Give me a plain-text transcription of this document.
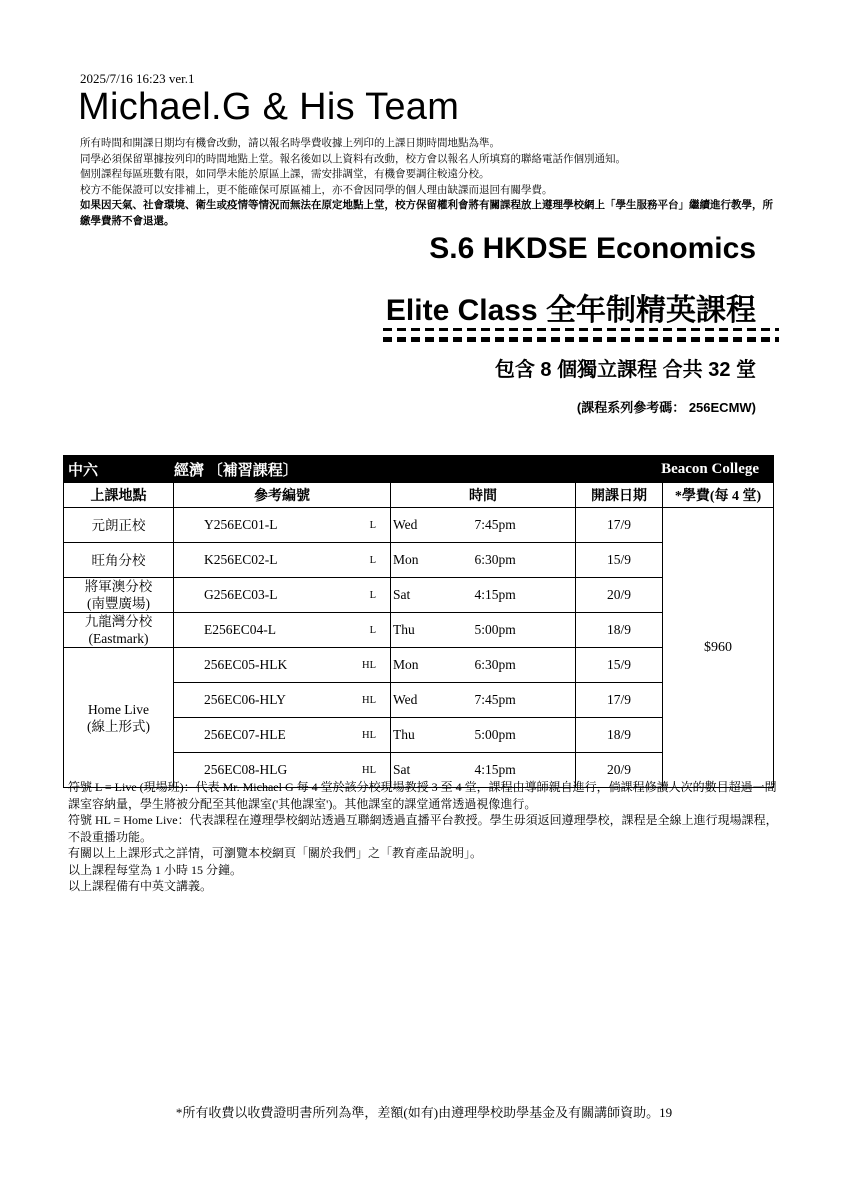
2025/7/16 16:23 ver.1
Michael.G & His Team
所有時間和開課日期均有機會改動，請以報名時學費收據上列印的上課日期時間地點為準。
同學必須保留單據按列印的時間地點上堂。報名後如以上資料有改動，校方會以報名人所填寫的聯絡電話作個別通知。
個別課程每區班數有限，如同學未能於原區上課，需安排調堂，有機會要調往較遠分校。
校方不能保證可以安排補上，更不能確保可原區補上，亦不會因同學的個人理由缺課而退回有關學費。
如果因天氣、社會環境、衛生或疫情等情況而無法在原定地點上堂，校方保留權利會將有關課程放上遵理學校網上「學生服務平台」繼續進行教學，所繳學費將不會退還。
S.6 HKDSE Economics
Elite Class 全年制精英課程
包含 8 個獨立課程 合共 32 堂
(課程系列參考碼： 256ECMW)
中六	經濟 〔補習課程〕				Beacon College	
上課地點	參考編號		時間		開課日期	*學費(每 4 堂)
元朗正校	Y256EC01-L	L	Wed	7:45pm	17/9	$960
旺角分校	K256EC02-L	L	Mon	6:30pm	15/9	
將軍澳分校
(南豐廣場)	G256EC03-L	L	Sat	4:15pm	20/9	
九龍灣分校
(Eastmark)	E256EC04-L	L	Thu	5:00pm	18/9	
Home Live
(線上形式)	256EC05-HLK	HL	Mon	6:30pm	15/9	
	256EC06-HLY	HL	Wed	7:45pm	17/9	
	256EC07-HLE	HL	Thu	5:00pm	18/9	
	256EC08-HLG	HL	Sat	4:15pm	20/9	
符號 L = Live (現場班)：代表 Mr. Michael G 每 4 堂於該分校現場教授 3 至 4 堂，課程由導師親自進行，倘課程修讀人次的數目超過一間課室容納量，學生將被分配至其他課室('其他課室')。其他課室的課堂通常透過視像進行。
符號 HL = Home Live：代表課程在遵理學校網站透過互聯網透過直播平台教授。學生毋須返回遵理學校，課程是全線上進行現場課程，不設重播功能。
有關以上上課形式之詳情，可瀏覽本校網頁「關於我們」之「教育產品說明」。
以上課程每堂為 1 小時 15 分鐘。
以上課程備有中英文講義。
*所有收費以收費證明書所列為準，差額(如有)由遵理學校助學基金及有關講師資助。19
